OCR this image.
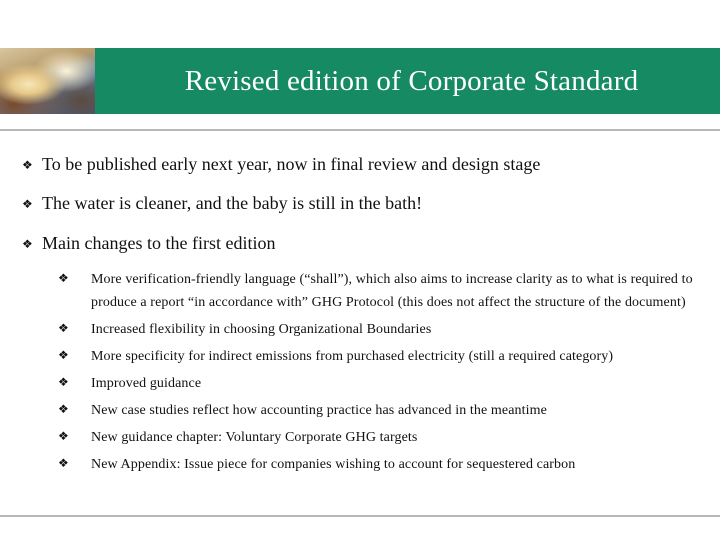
Revised edition of Corporate Standard
❖ To be published early next year, now in final review and design stage
❖ The water is cleaner, and the baby is still in the bath!
❖ Main changes to the first edition
❖	More verification-friendly language (“shall”), which also aims to increase clarity as to what is required to produce a report “in accordance with” GHG Protocol (this does not affect the structure of the document)
❖	Increased flexibility in choosing Organizational Boundaries
❖	More specificity for indirect emissions from purchased electricity (still a required category)
❖	Improved guidance
❖	New case studies reflect how accounting practice has advanced in the meantime
❖	New guidance chapter: Voluntary Corporate GHG targets
❖	New Appendix: Issue piece for companies wishing to account for sequestered carbon
